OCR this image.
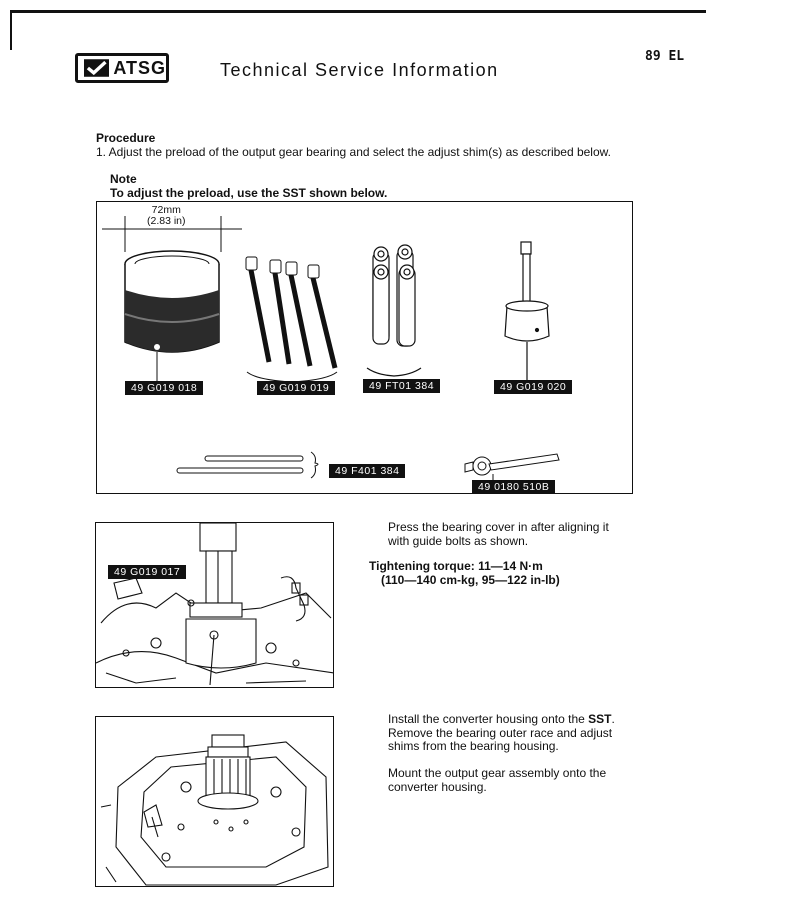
ATSG	Technical Service Information
89 EL
Procedure
1. Adjust the preload of the output gear bearing and select the adjust shim(s) as described below.
Note
To adjust the preload, use the SST shown below.
72mm
(2.83 in)
49 G019 018	49 G019 019	49 FT01 384	49 G019 020
49 F401 384
49 0180 510B
49 G019 017
Press the bearing cover in after aligning it with guide bolts as shown.
Tightening torque: 11—14 N·m
(110—140 cm-kg, 95—122 in-lb)
Install the converter housing onto the SST. Remove the bearing outer race and adjust shims from the bearing housing.
Mount the output gear assembly onto the converter housing.
